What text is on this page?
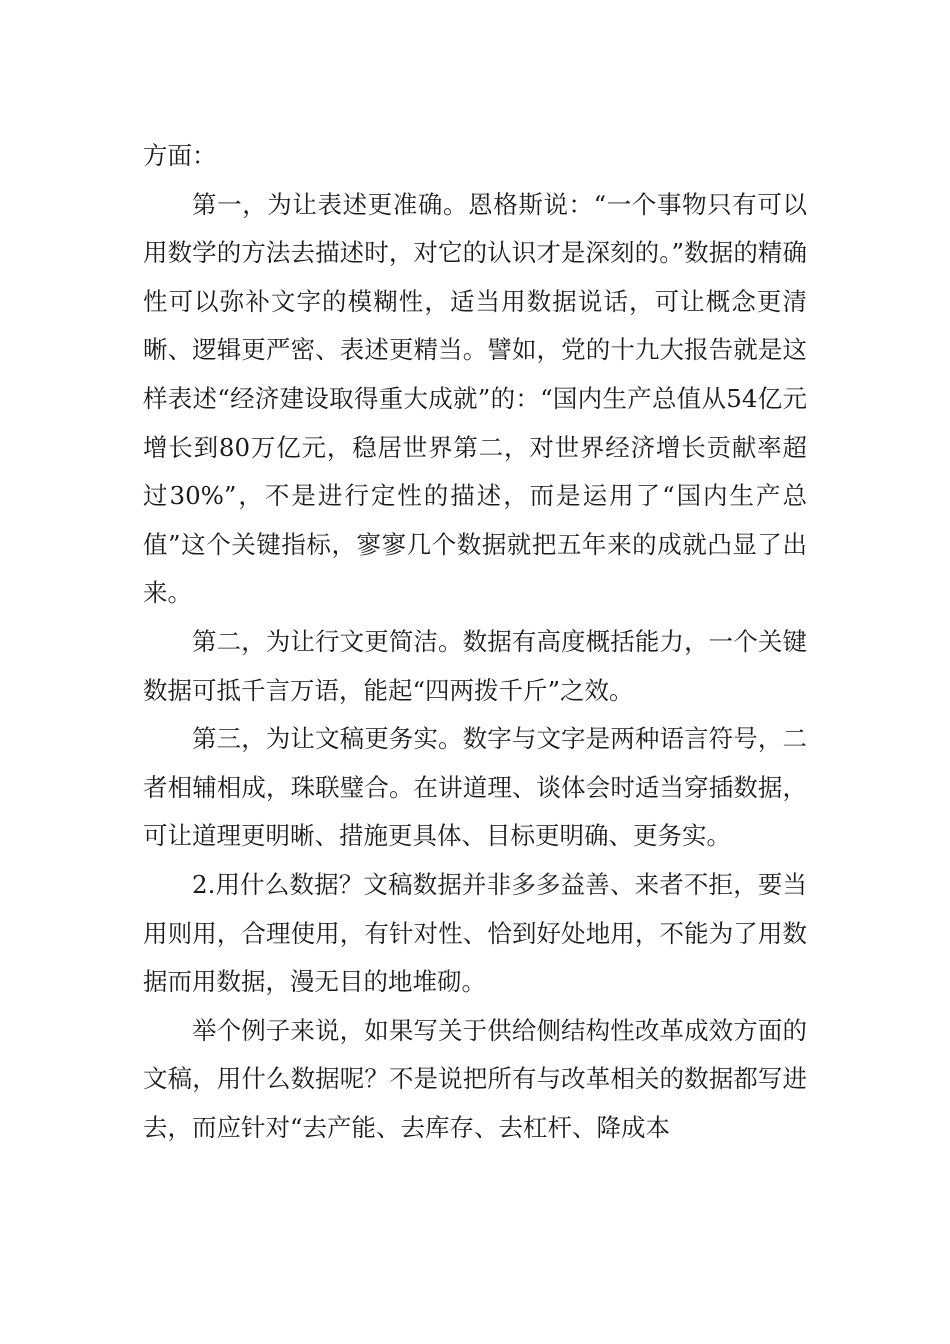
方面：

第一，为让表述更准确。恩格斯说：“一个事物只有可以用数学的方法去描述时，对它的认识才是深刻的。”数据的精确性可以弥补文字的模糊性，适当用数据说话，可让概念更清晰、逻辑更严密、表述更精当。譬如，党的十九大报告就是这样表述“经济建设取得重大成就”的：“国内生产总值从54亿元增长到80万亿元，稳居世界第二，对世界经济增长贡献率超过30%”，不是进行定性的描述，而是运用了“国内生产总值”这个关键指标，寥寥几个数据就把五年来的成就凸显了出来。

第二，为让行文更简洁。数据有高度概括能力，一个关键数据可抵千言万语，能起“四两拨千斤”之效。

第三，为让文稿更务实。数字与文字是两种语言符号，二者相辅相成，珠联璧合。在讲道理、谈体会时适当穿插数据，可让道理更明晰、措施更具体、目标更明确、更务实。

2.用什么数据？文稿数据并非多多益善、来者不拒，要当用则用，合理使用，有针对性、恰到好处地用，不能为了用数据而用数据，漫无目的地堆砌。

举个例子来说，如果写关于供给侧结构性改革成效方面的文稿，用什么数据呢？不是说把所有与改革相关的数据都写进去，而应针对“去产能、去库存、去杠杆、降成本
